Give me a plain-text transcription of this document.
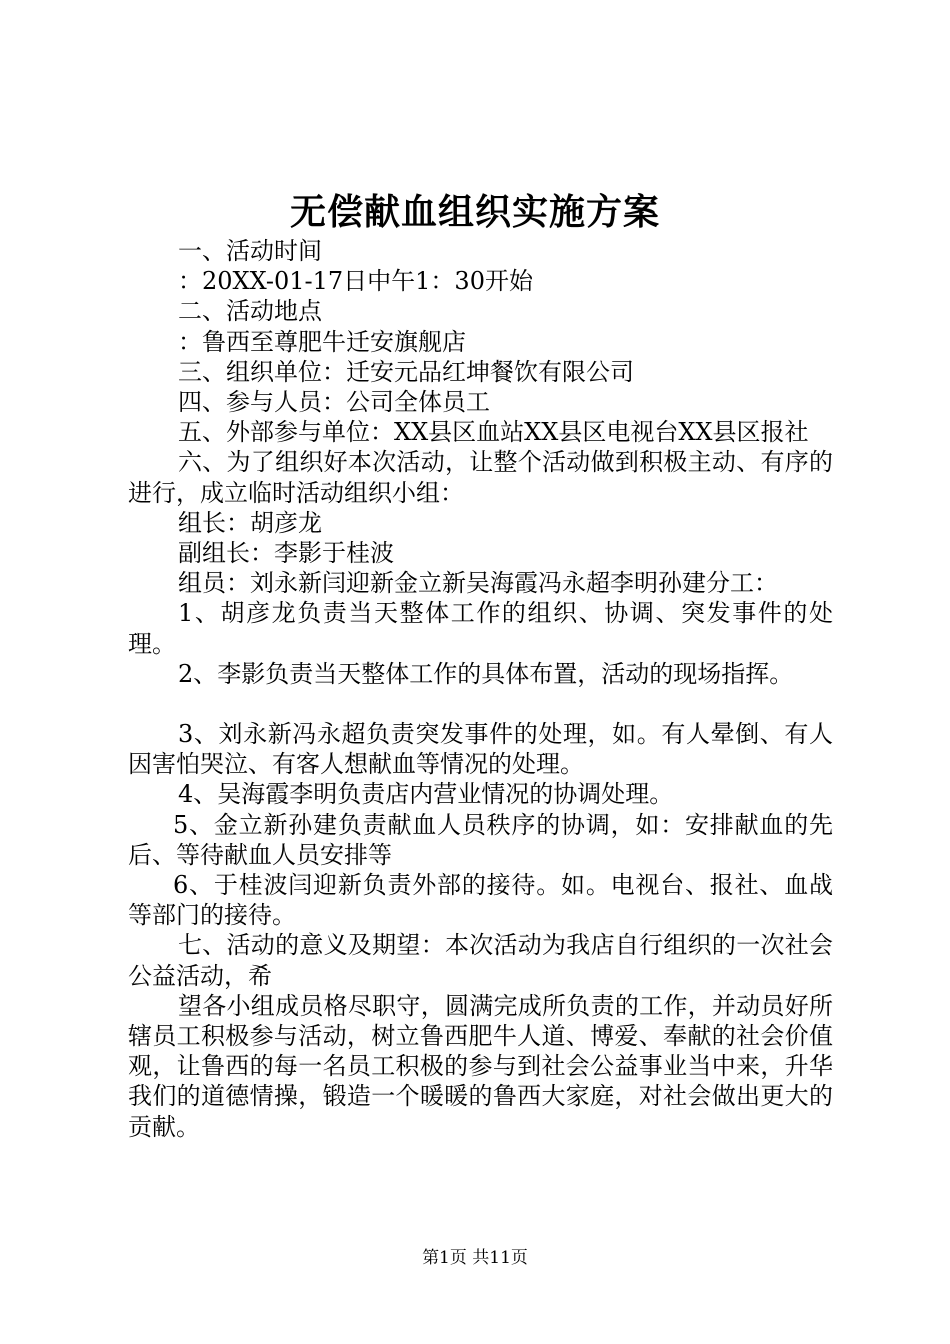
无偿献血组织实施方案

一、活动时间

：20XX-01-17日中午1：30开始

二、活动地点

：鲁西至尊肥牛迁安旗舰店

三、组织单位：迁安元品红坤餐饮有限公司

四、参与人员：公司全体员工

五、外部参与单位：XX县区血站XX县区电视台XX县区报社

六、为了组织好本次活动，让整个活动做到积极主动、有序的进行，成立临时活动组织小组：

组长：胡彦龙

副组长：李影于桂波

组员：刘永新闫迎新金立新吴海霞冯永超李明孙建分工：

1、胡彦龙负责当天整体工作的组织、协调、突发事件的处理。

2、李影负责当天整体工作的具体布置，活动的现场指挥。

3、刘永新冯永超负责突发事件的处理，如。有人晕倒、有人因害怕哭泣、有客人想献血等情况的处理。

4、吴海霞李明负责店内营业情况的协调处理。

5、金立新孙建负责献血人员秩序的协调，如：安排献血的先后、等待献血人员安排等

6、于桂波闫迎新负责外部的接待。如。电视台、报社、血战等部门的接待。

七、活动的意义及期望：本次活动为我店自行组织的一次社会公益活动，希

望各小组成员格尽职守，圆满完成所负责的工作，并动员好所辖员工积极参与活动，树立鲁西肥牛人道、博爱、奉献的社会价值观，让鲁西的每一名员工积极的参与到社会公益事业当中来，升华我们的道德情操，锻造一个暖暖的鲁西大家庭，对社会做出更大的贡献。

第1页 共11页
